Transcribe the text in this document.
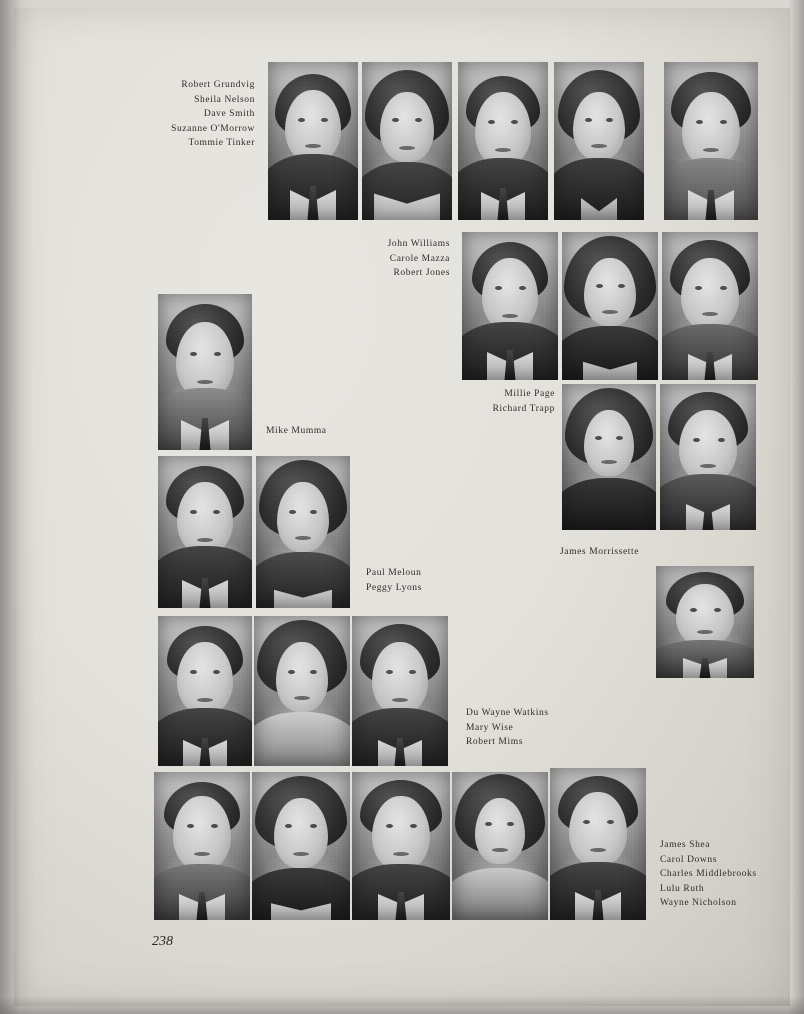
Robert Grundvig
Sheila Nelson
Dave Smith
Suzanne O'Morrow
Tommie Tinker
John Williams
Carole Mazza
Robert Jones
Millie Page
Richard Trapp
Mike Mumma
James Morrissette
Paul Meloun
Peggy Lyons
Du Wayne Watkins
Mary Wise
Robert Mims
James Shea
Carol Downs
Charles Middlebrooks
Lulu Ruth
Wayne Nicholson
238
